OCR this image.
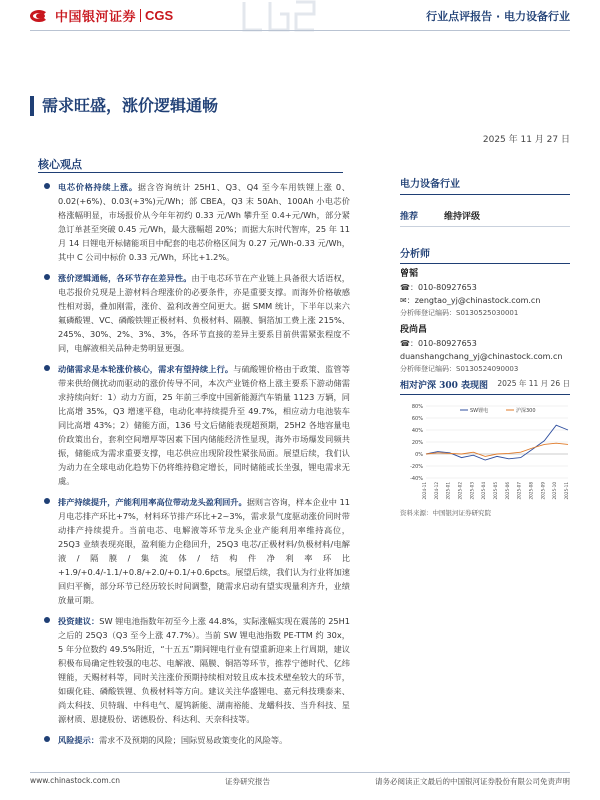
中国银河证券 CGS	行业点评报告 · 电力设备行业
需求旺盛，涨价逻辑通畅
2025 年 11 月 27 日
核心观点
电芯价格持续上涨。据含咨询统计 25H1、Q3、Q4 至今车用铁锂上涨 0、0.02(+6%)、0.03(+3%)元/Wh；部 CBEA，Q3 末 50Ah、100Ah 小电芯价格涨幅明显，市场报价从今年年初约 0.33 元/Wh 攀升至 0.4+元/Wh，部分紧急订单甚至突破 0.45 元/Wh，最大涨幅超 20%；而据大东时代智库，25 年 11 月 14 日锂电开标储能项目中配套的电芯价格区间为 0.27 元/Wh-0.33 元/Wh，其中 C 公司中标价 0.33 元/Wh，环比+1.2%。
涨价逻辑通畅，各环节存在差异性。由于电芯环节在产业链上具备很大话语权，电芯报价兑现是上游材料合理涨价的必要条件，亦是重要支撑。而海外价格敏感性相对弱，叠加刚需，涨价、盈利改善空间更大。据 SMM 统计，下半年以来六氟磷酸锂、VC、磷酸铁锂正极材料、负极材料、隔膜、铜箔加工费上涨 215%、245%、30%、2%、3%、3%，各环节直接的差异主要系目前供需紧张程度不同，电解液相关品种走势明显更强。
动储需求是本轮涨价核心，需求有望持续上行。与硫酸锂价格由于政策、监管等带来供给侧扰动而驱动的涨价传导不同，本次产业链价格上涨主要系下游动储需求持续向好：1）动力方面，25 年前三季度中国新能源汽车销量 1123 万辆，同比高增 35%，Q3 增速平稳，电动化率持续提升至 49.7%，相应动力电池装车同比高增 43%；2）储能方面，136 号文后储能表现超预期，25H2 各地容量电价政策出台，套利空间增厚等因素下国内储能经济性显现，海外市场爆发同频共振，储能成为需求重要支撑，电芯供应出现阶段性紧张局面。展望后续，我们认为动力在全球电动化趋势下仍将维持稳定增长，同时储能或长坐强，锂电需求无虞。
排产持续提升，产能利用率高位带动龙头盈利回升。据则言咨询，样本企业中 11 月电芯排产环比+7%，材料环节排产环比+2~3%，需求景气度驱动涨价同时带动排产持续提升。当前电芯、电解液等环节龙头企业产能利用率维持高位，25Q3 业绩表现亮眼，盈利能力企稳回升，25Q3 电芯/正极材料/负极材料/电解液/隔膜/集流体/结构件净利率环比+1.9/+0.4/-1.1/+0.8/+2.0/+0.1/+0.6pcts。展望后续，我们认为行业将加速回归平衡，部分环节已经历较长时间调整，随需求启动有望实现量利齐升，业绩放量可期。
投资建议：SW 锂电池指数年初至今上涨 44.8%，实际涨幅实现在震荡的 25H1 之后的 25Q3（Q3 至今上涨 47.7%）。当前 SW 锂电池指数 PE-TTM 约 30x，5 年分位数约 49.5%附近，“十五五”期间锂电行业有望重新迎来上行周期，建议积极布局确定性较强的电芯、电解液、隔膜、铜箔等环节，推荐宁德时代、亿纬锂能，天赐材料等，同时关注涨价预期持续相对较且成本技术壁垒较大的环节，如碳化硅、磷酸铁锂、负极材料等方向。建议关注华盛锂电、嘉元科技璞泰来、尚太科技、贝特瑞、中科电气、厦钨新能、湖南裕能、龙蟠科技、当升科技、星源材质、恩捷股份、诺德股份、科达利、天奈科技等。
风险提示：需求不及预期的风险；国际贸易政策变化的风险等。
电力设备行业
推荐	维持评级
分析师
曾韬
☎：010-80927653
✉：zengtao_yj@chinastock.com.cn
分析师登记编码：S0130525030001
段尚昌
☎：010-80927653
duanshangchang_yj@chinastock.com.cn
分析师登记编码：S0130524090003
相对沪深 300 表现图 2025 年 11 月 26 日
80%
60%
40%
20%
0%
-20%
-40%
2024-11 2024-12 2025-01 2025-02 2025-03 2025-04 2025-05 2025-06 2025-07 2025-08 2025-09 2025-10 2025-11
SW锂电	沪深300
资料来源：中国银河证券研究院
www.chinastock.com.cn	证券研究报告	请务必阅读正文最后的中国银河证券股份有限公司免责声明
